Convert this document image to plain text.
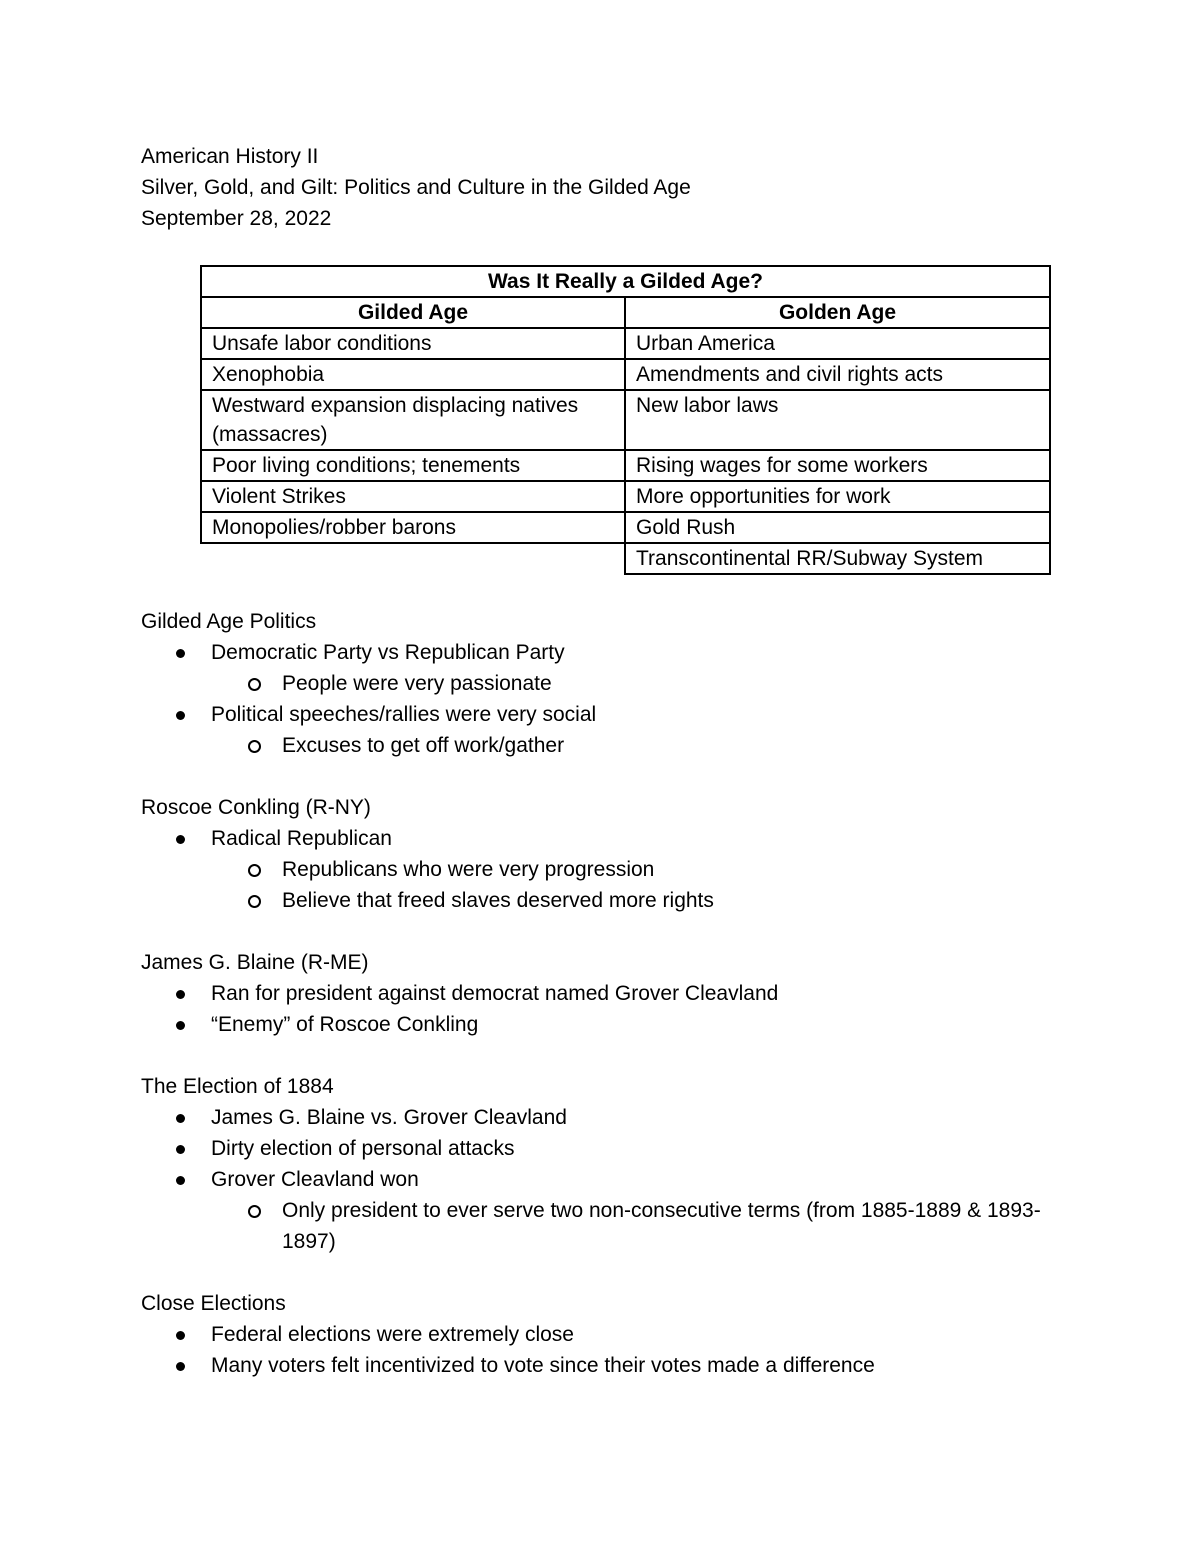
American History II
Silver, Gold, and Gilt: Politics and Culture in the Gilded Age
September 28, 2022
Was It Really a Gilded Age?	
Gilded Age	Golden Age
Unsafe labor conditions	Urban America
Xenophobia	Amendments and civil rights acts
Westward expansion displacing natives (massacres)	New labor laws
Poor living conditions; tenements	Rising wages for some workers
Violent Strikes	More opportunities for work
Monopolies/robber barons	Gold Rush
	Transcontinental RR/Subway System
Gilded Age Politics
Democratic Party vs Republican Party
People were very passionate
Political speeches/rallies were very social
Excuses to get off work/gather
Roscoe Conkling (R-NY)
Radical Republican
Republicans who were very progression
Believe that freed slaves deserved more rights
James G. Blaine (R-ME)
Ran for president against democrat named Grover Cleavland
“Enemy” of Roscoe Conkling
The Election of 1884
James G. Blaine vs. Grover Cleavland
Dirty election of personal attacks
Grover Cleavland won
Only president to ever serve two non-consecutive terms (from 1885-1889 & 1893-1897)
Close Elections
Federal elections were extremely close
Many voters felt incentivized to vote since their votes made a difference
